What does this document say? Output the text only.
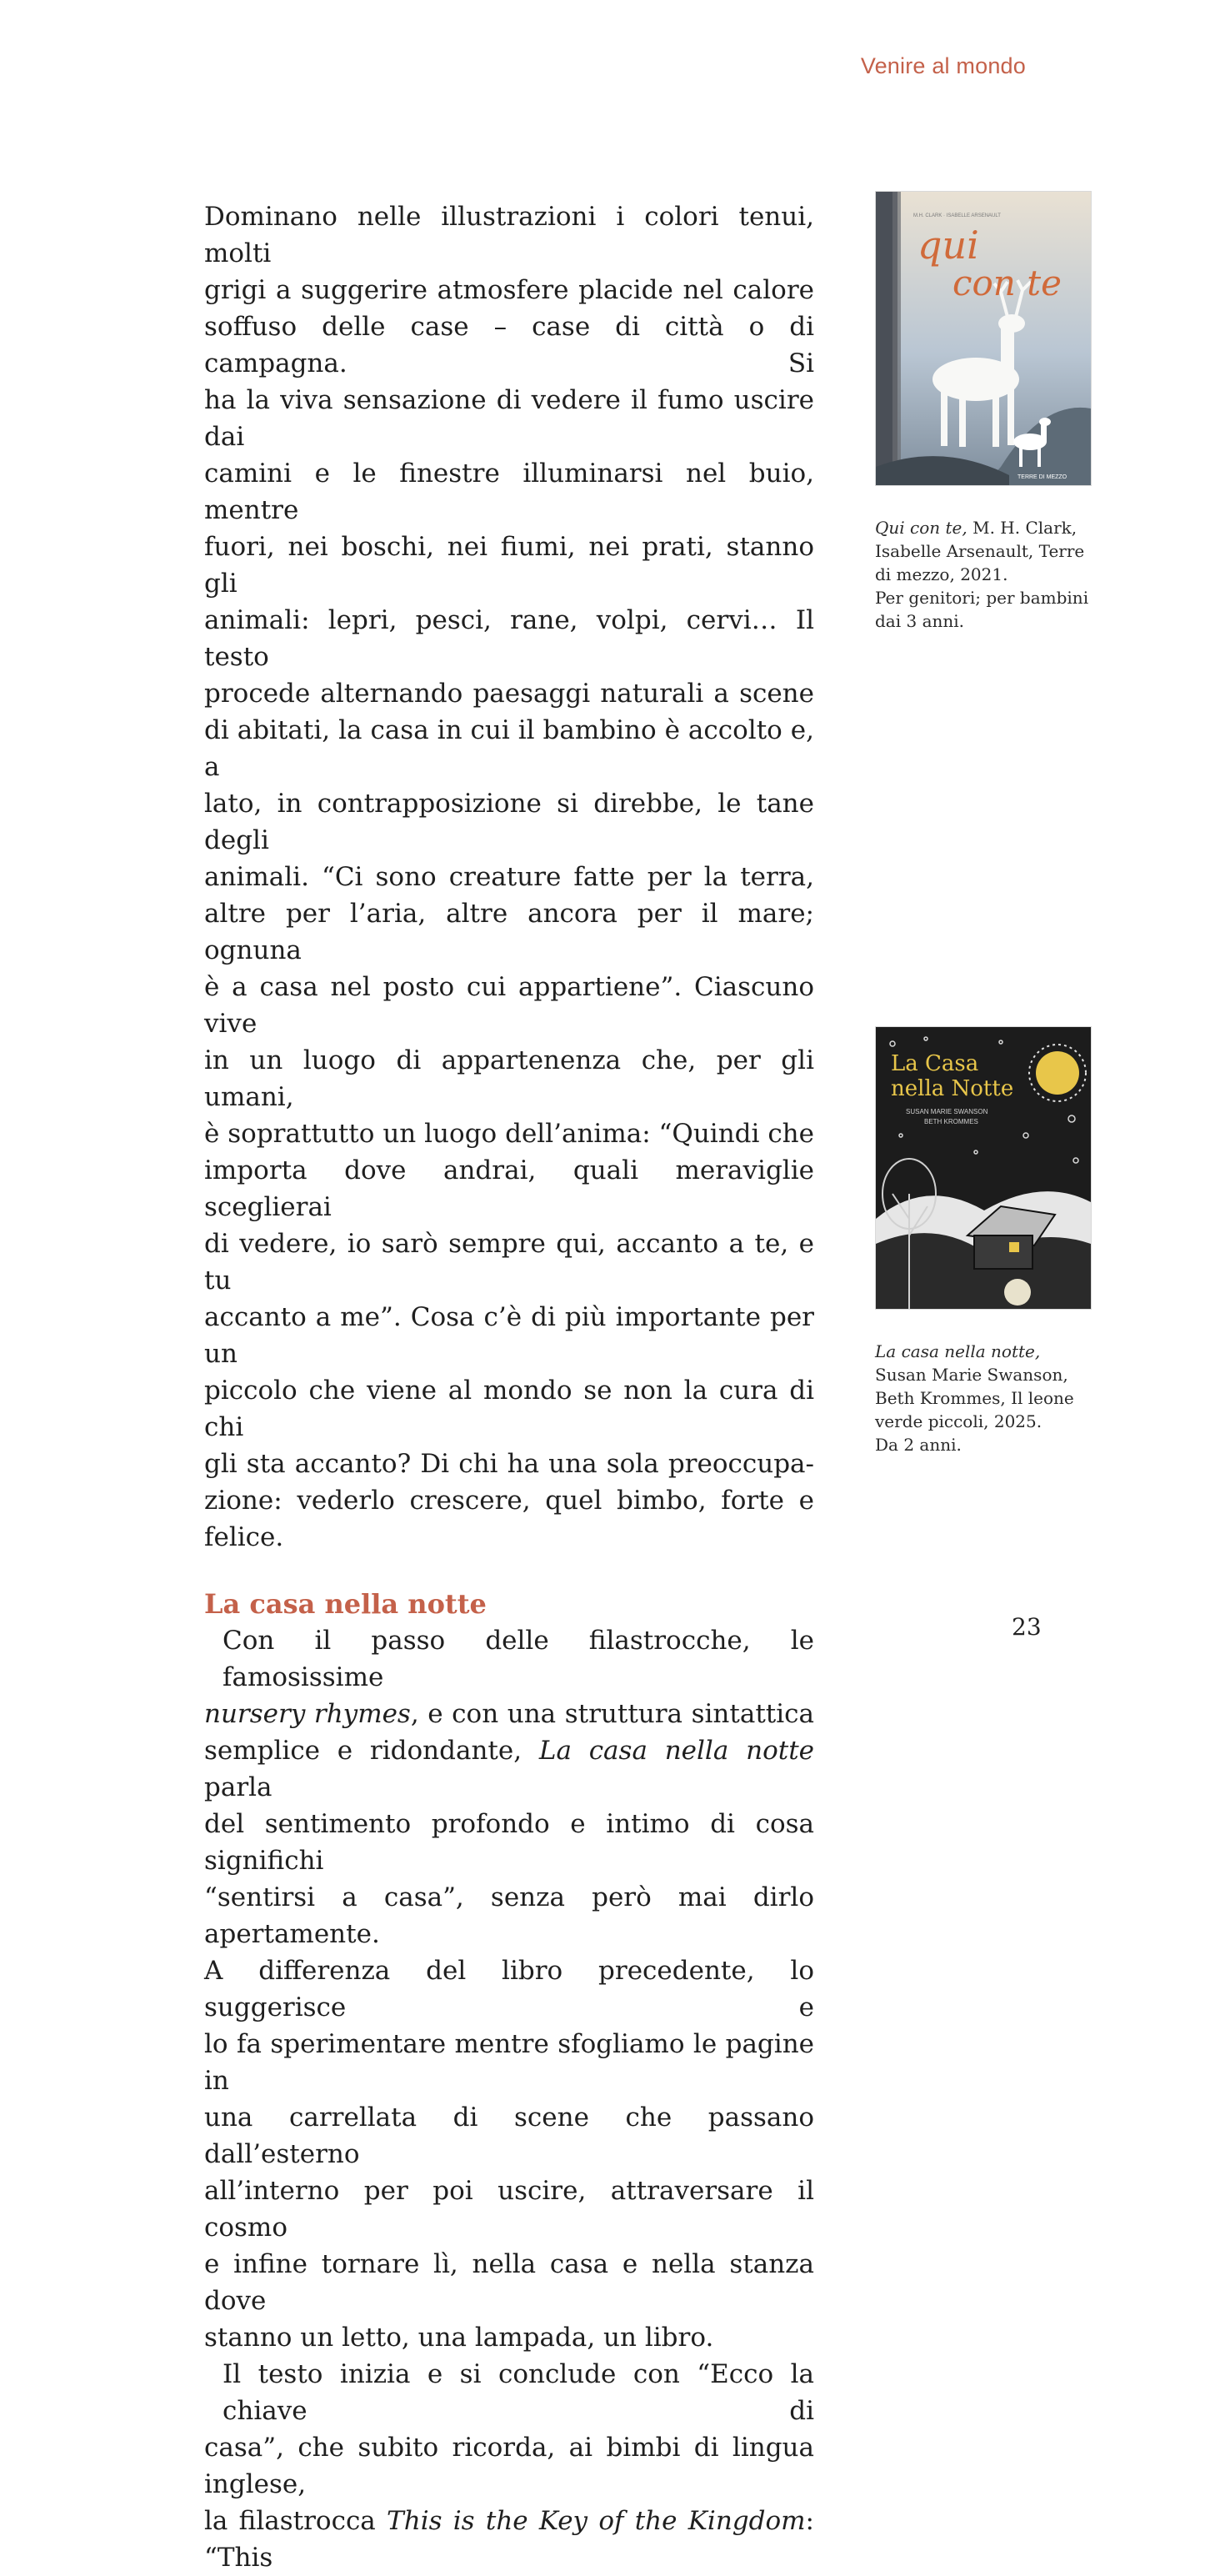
Venire al mondo

Dominano nelle illustrazioni i colori tenui, molti
grigi a suggerire atmosfere placide nel calore
soffuso delle case – case di città o di campagna. Si
ha la viva sensazione di vedere il fumo uscire dai
camini e le finestre illuminarsi nel buio, mentre
fuori, nei boschi, nei fiumi, nei prati, stanno gli
animali: lepri, pesci, rane, volpi, cervi… Il testo
procede alternando paesaggi naturali a scene
di abitati, la casa in cui il bambino è accolto e, a
lato, in contrapposizione si direbbe, le tane degli
animali. “Ci sono creature fatte per la terra,
altre per l’aria, altre ancora per il mare; ognuna
è a casa nel posto cui appartiene”. Ciascuno vive
in un luogo di appartenenza che, per gli umani,
è soprattutto un luogo dell’anima: “Quindi che
importa dove andrai, quali meraviglie sceglierai
di vedere, io sarò sempre qui, accanto a te, e tu
accanto a me”. Cosa c’è di più importante per un
piccolo che viene al mondo se non la cura di chi
gli sta accanto? Di chi ha una sola preoccupa-
zione: vederlo crescere, quel bimbo, forte e felice.

La casa nella notte

Con il passo delle filastrocche, le famosissime
nursery rhymes, e con una struttura sintattica
semplice e ridondante, La casa nella notte parla
del sentimento profondo e intimo di cosa significhi
“sentirsi a casa”, senza però mai dirlo apertamente.
A differenza del libro precedente, lo suggerisce e
lo fa sperimentare mentre sfogliamo le pagine in
una carrellata di scene che passano dall’esterno
all’interno per poi uscire, attraversare il cosmo
e infine tornare lì, nella casa e nella stanza dove
stanno un letto, una lampada, un libro.

Il testo inizia e si conclude con “Ecco la chiave di
casa”, che subito ricorda, ai bimbi di lingua inglese,
la filastrocca This is the Key of the Kingdom: “This

M.H. CLARK · ISABELLE ARSENAULT
qui
con te
TERRE DI MEZZO
Qui con te, M. H. Clark,
Isabelle Arsenault, Terre
di mezzo, 2021.
Per genitori; per bambini
dai 3 anni.
La Casa
nella Notte
SUSAN MARIE SWANSON
BETH KROMMES
La casa nella notte,
Susan Marie Swanson,
Beth Krommes, Il leone
verde piccoli, 2025.
Da 2 anni.
23
